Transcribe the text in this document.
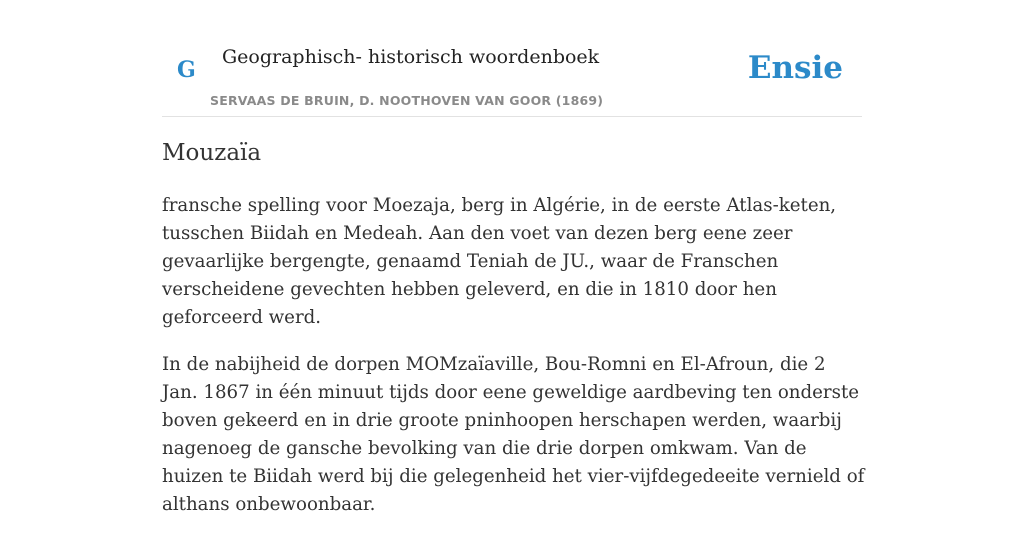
G Geographisch- historisch woordenboek
SERVAAS DE BRUIN, D. NOOTHOVEN VAN GOOR (1869)
Ensie
Mouzaïa

fransche spelling voor Moezaja, berg in Algérie, in de eerste Atlas-keten, tusschen Biidah en Medeah. Aan den voet van dezen berg eene zeer gevaarlijke bergengte, genaamd Teniah de JU., waar de Franschen verscheidene gevechten hebben geleverd, en die in 1810 door hen geforceerd werd.

In de nabijheid de dorpen MOMzaïaville, Bou-Romni en El-Afroun, die 2 Jan. 1867 in één minuut tijds door eene geweldige aardbeving ten onderste boven gekeerd en in drie groote pninhoopen herschapen werden, waarbij nagenoeg de gansche bevolking van die drie dorpen omkwam. Van de huizen te Biidah werd bij die gelegenheid het vier-vijfdegedeeite vernield of althans onbewoonbaar.
